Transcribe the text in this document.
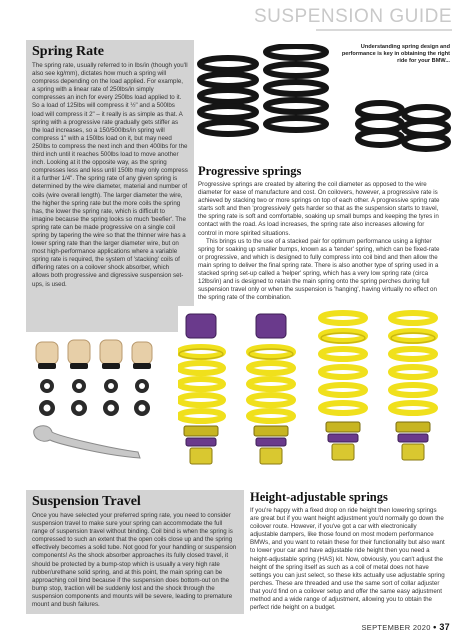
SUSPENSION GUIDE
Spring Rate

The spring rate, usually referred to in lbs/in (though you'll also see kg/mm), dictates how much a spring will compress depending on the load applied. For example, a spring with a linear rate of 250lbs/in simply compresses an inch for every 250lbs load applied to it. So a load of 125lbs will compress it ½" and a 500lbs load will compress it 2" – it really is as simple as that. A spring with a progressive rate gradually gets stiffer as the load increases, so a 150/500lbs/in spring will compress 1" with a 150lbs load on it, but may need 250lbs to compress the next inch and then 400lbs for the third inch until it reaches 500lbs load to move another inch. Looking at it the opposite way, as the spring compresses less and less until 150lb may only compress it a further 1/4". The spring rate of any given spring is determined by the wire diameter, material and number of coils (wire overall length). The larger diameter the wire, the higher the spring rate but the more coils the spring has, the lower the spring rate, which is difficult to imagine because the spring looks so much 'beefier'. The spring rate can be made progressive on a single coil spring by tapering the wire so that the thinner wire has a lower spring rate than the larger diameter wire, but on most high-performance applications where a variable spring rate is required, the system of 'stacking' coils of differing rates on a coilover shock absorber, which allows both progressive and digressive suspension set-ups, is used.

Understanding spring design and performance is key in obtaining the right ride for your BMW...
Progressive springs

Progressive springs are created by altering the coil diameter as opposed to the wire diameter for ease of manufacture and cost. On coilovers, however, a progressive rate is achieved by stacking two or more springs on top of each other. A progressive spring rate starts soft and then 'progressively' gets harder so that as the suspension starts to travel, the spring rate is soft and comfortable, soaking up small bumps and keeping the tyres in contact with the road. As load increases, the spring rate also increases allowing for control in more spirited situations.

This brings us to the use of a stacked pair for optimum performance using a lighter spring for soaking up smaller bumps, known as a 'tender' spring, which can be fixed-rate or progressive, and which is designed to fully compress into coil bind and then allow the main spring to deliver the final spring rate. There is also another type of spring used in a stacked spring set-up called a 'helper' spring, which has a very low spring rate (circa 12lbs/in) and is designed to retain the main spring onto the spring perches during full suspension travel only or when the suspension is 'hanging', having virtually no effect on the spring rate of the combination.

Suspension Travel

Once you have selected your preferred spring rate, you need to consider suspension travel to make sure your spring can accommodate the full range of suspension travel without binding. Coil bind is when the spring is compressed to such an extent that the open coils close up and the spring effectively becomes a solid tube. Not good for your handling or suspension components! As the shock absorber approaches its fully closed travel, it should be protected by a bump-stop which is usually a very high rate rubber/urethane solid spring, and at this point, the main spring can be approaching coil bind because if the suspension does bottom-out on the bump stop, traction will be suddenly lost and the shock through the suspension components and mounts will be severe, leading to premature mount and bush failures.

Height-adjustable springs

If you're happy with a fixed drop on ride height then lowering springs are great but if you want height adjustment you'd normally go down the coilover route. However, if you've got a car with electronically adjustable dampers, like those found on most modern performance BMWs, and you want to retain these for their functionality but also want to lower your car and have adjustable ride height then you need a height-adjustable spring (HAS) kit. Now, obviously, you can't adjust the height of the spring itself as such as a coil of metal does not have settings you can just select, so these kits actually use adjustable spring perches. These are threaded and use the same sort of collar adjuster that you'd find on a coilover setup and offer the same easy adjustment method and a wide range of adjustment, allowing you to obtain the perfect ride height on a budget.

SEPTEMBER 2020 • 37
